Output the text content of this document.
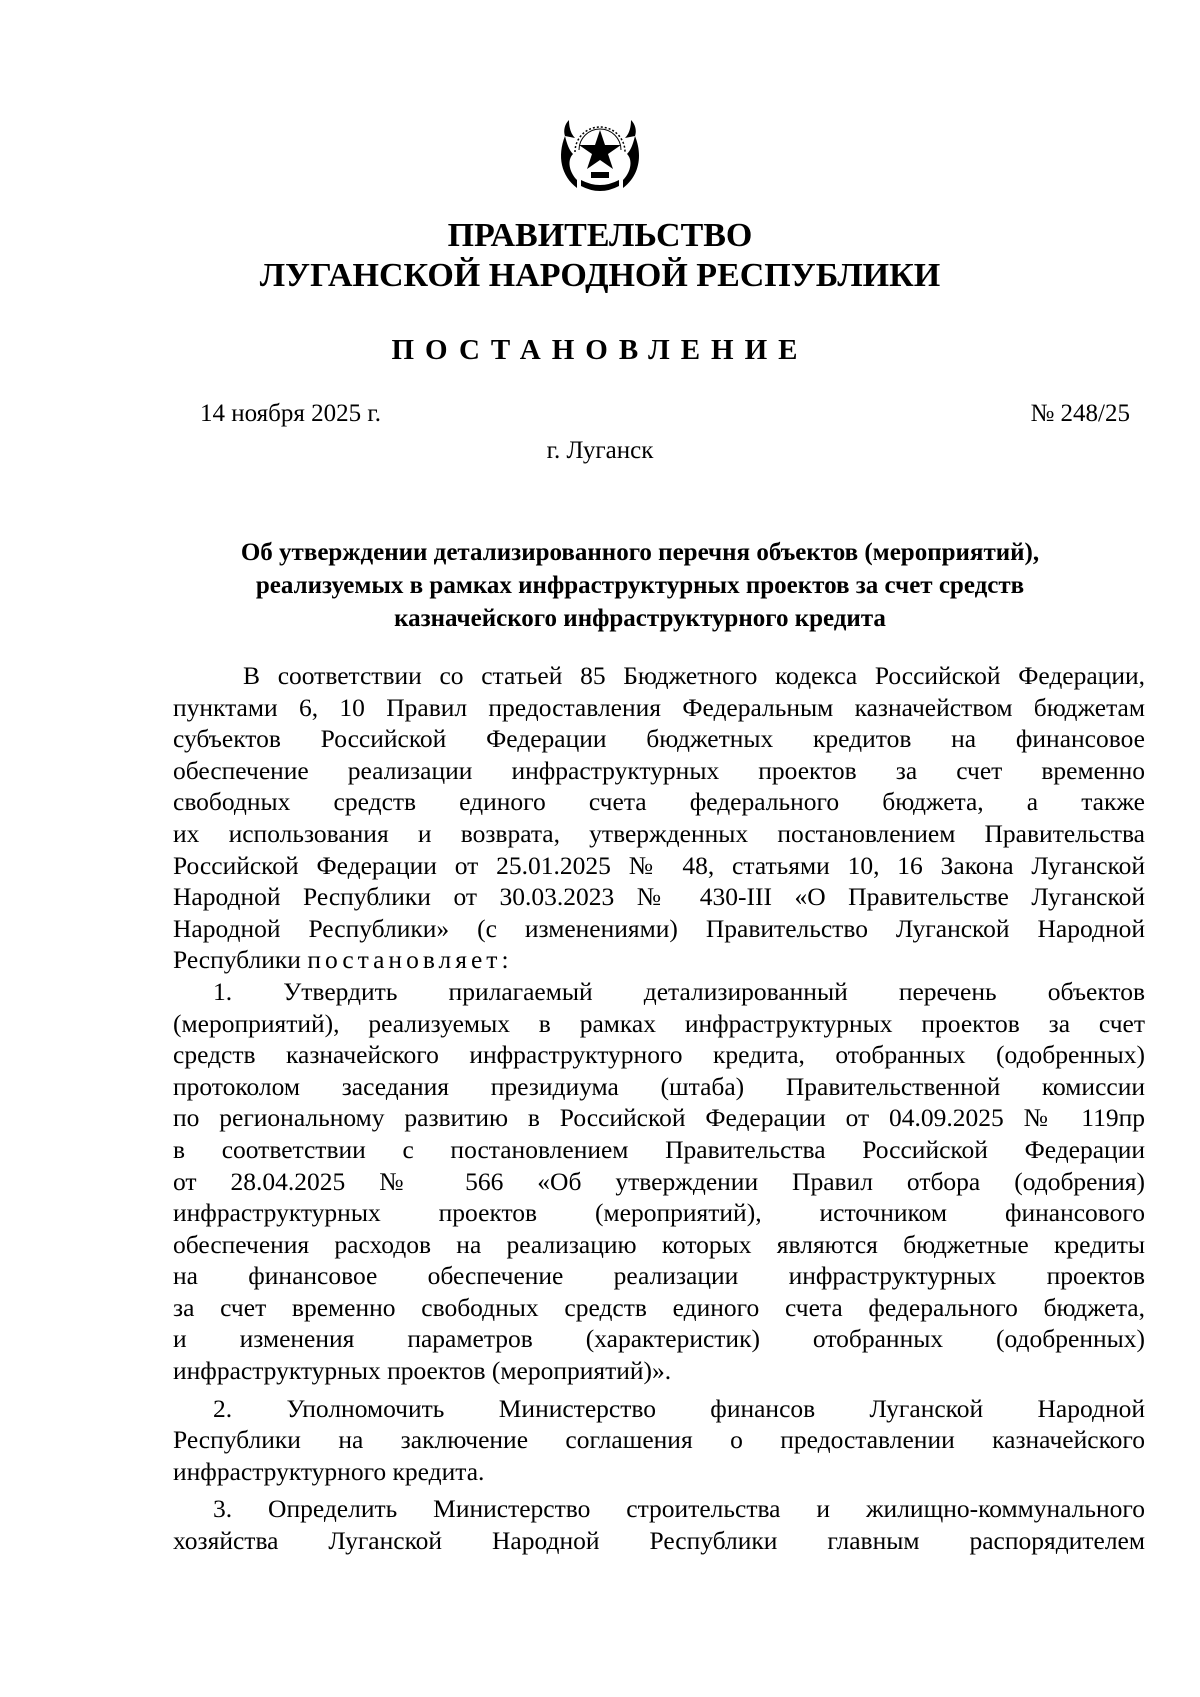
ПРАВИТЕЛЬСТВО
ЛУГАНСКОЙ НАРОДНОЙ РЕСПУБЛИКИ
ПОСТАНОВЛЕНИЕ
14 ноября 2025 г.	№ 248/25
г. Луганск
Об утверждении детализированного перечня объектов (мероприятий),
реализуемых в рамках инфраструктурных проектов за счет средств
казначейского инфраструктурного кредита
В соответствии со статьей 85 Бюджетного кодекса Российской Федерации,
пунктами 6, 10 Правил предоставления Федеральным казначейством бюджетам
субъектов Российской Федерации бюджетных кредитов на финансовое
обеспечение реализации инфраструктурных проектов за счет временно
свободных средств единого счета федерального бюджета, а также
их использования и возврата, утвержденных постановлением Правительства
Российской Федерации от 25.01.2025 № 48, статьями 10, 16 Закона Луганской
Народной Республики от 30.03.2023 № 430-III «О Правительстве Луганской
Народной Республики» (с изменениями) Правительство Луганской Народной
Республики постановляет:
1. Утвердить прилагаемый детализированный перечень объектов
(мероприятий), реализуемых в рамках инфраструктурных проектов за счет
средств казначейского инфраструктурного кредита, отобранных (одобренных)
протоколом заседания президиума (штаба) Правительственной комиссии
по региональному развитию в Российской Федерации от 04.09.2025 № 119пр
в соответствии с постановлением Правительства Российской Федерации
от 28.04.2025 № 566 «Об утверждении Правил отбора (одобрения)
инфраструктурных проектов (мероприятий), источником финансового
обеспечения расходов на реализацию которых являются бюджетные кредиты
на финансовое обеспечение реализации инфраструктурных проектов
за счет временно свободных средств единого счета федерального бюджета,
и изменения параметров (характеристик) отобранных (одобренных)
инфраструктурных проектов (мероприятий)».
2. Уполномочить Министерство финансов Луганской Народной
Республики на заключение соглашения о предоставлении казначейского
инфраструктурного кредита.
3. Определить Министерство строительства и жилищно-коммунального
хозяйства Луганской Народной Республики главным распорядителем
